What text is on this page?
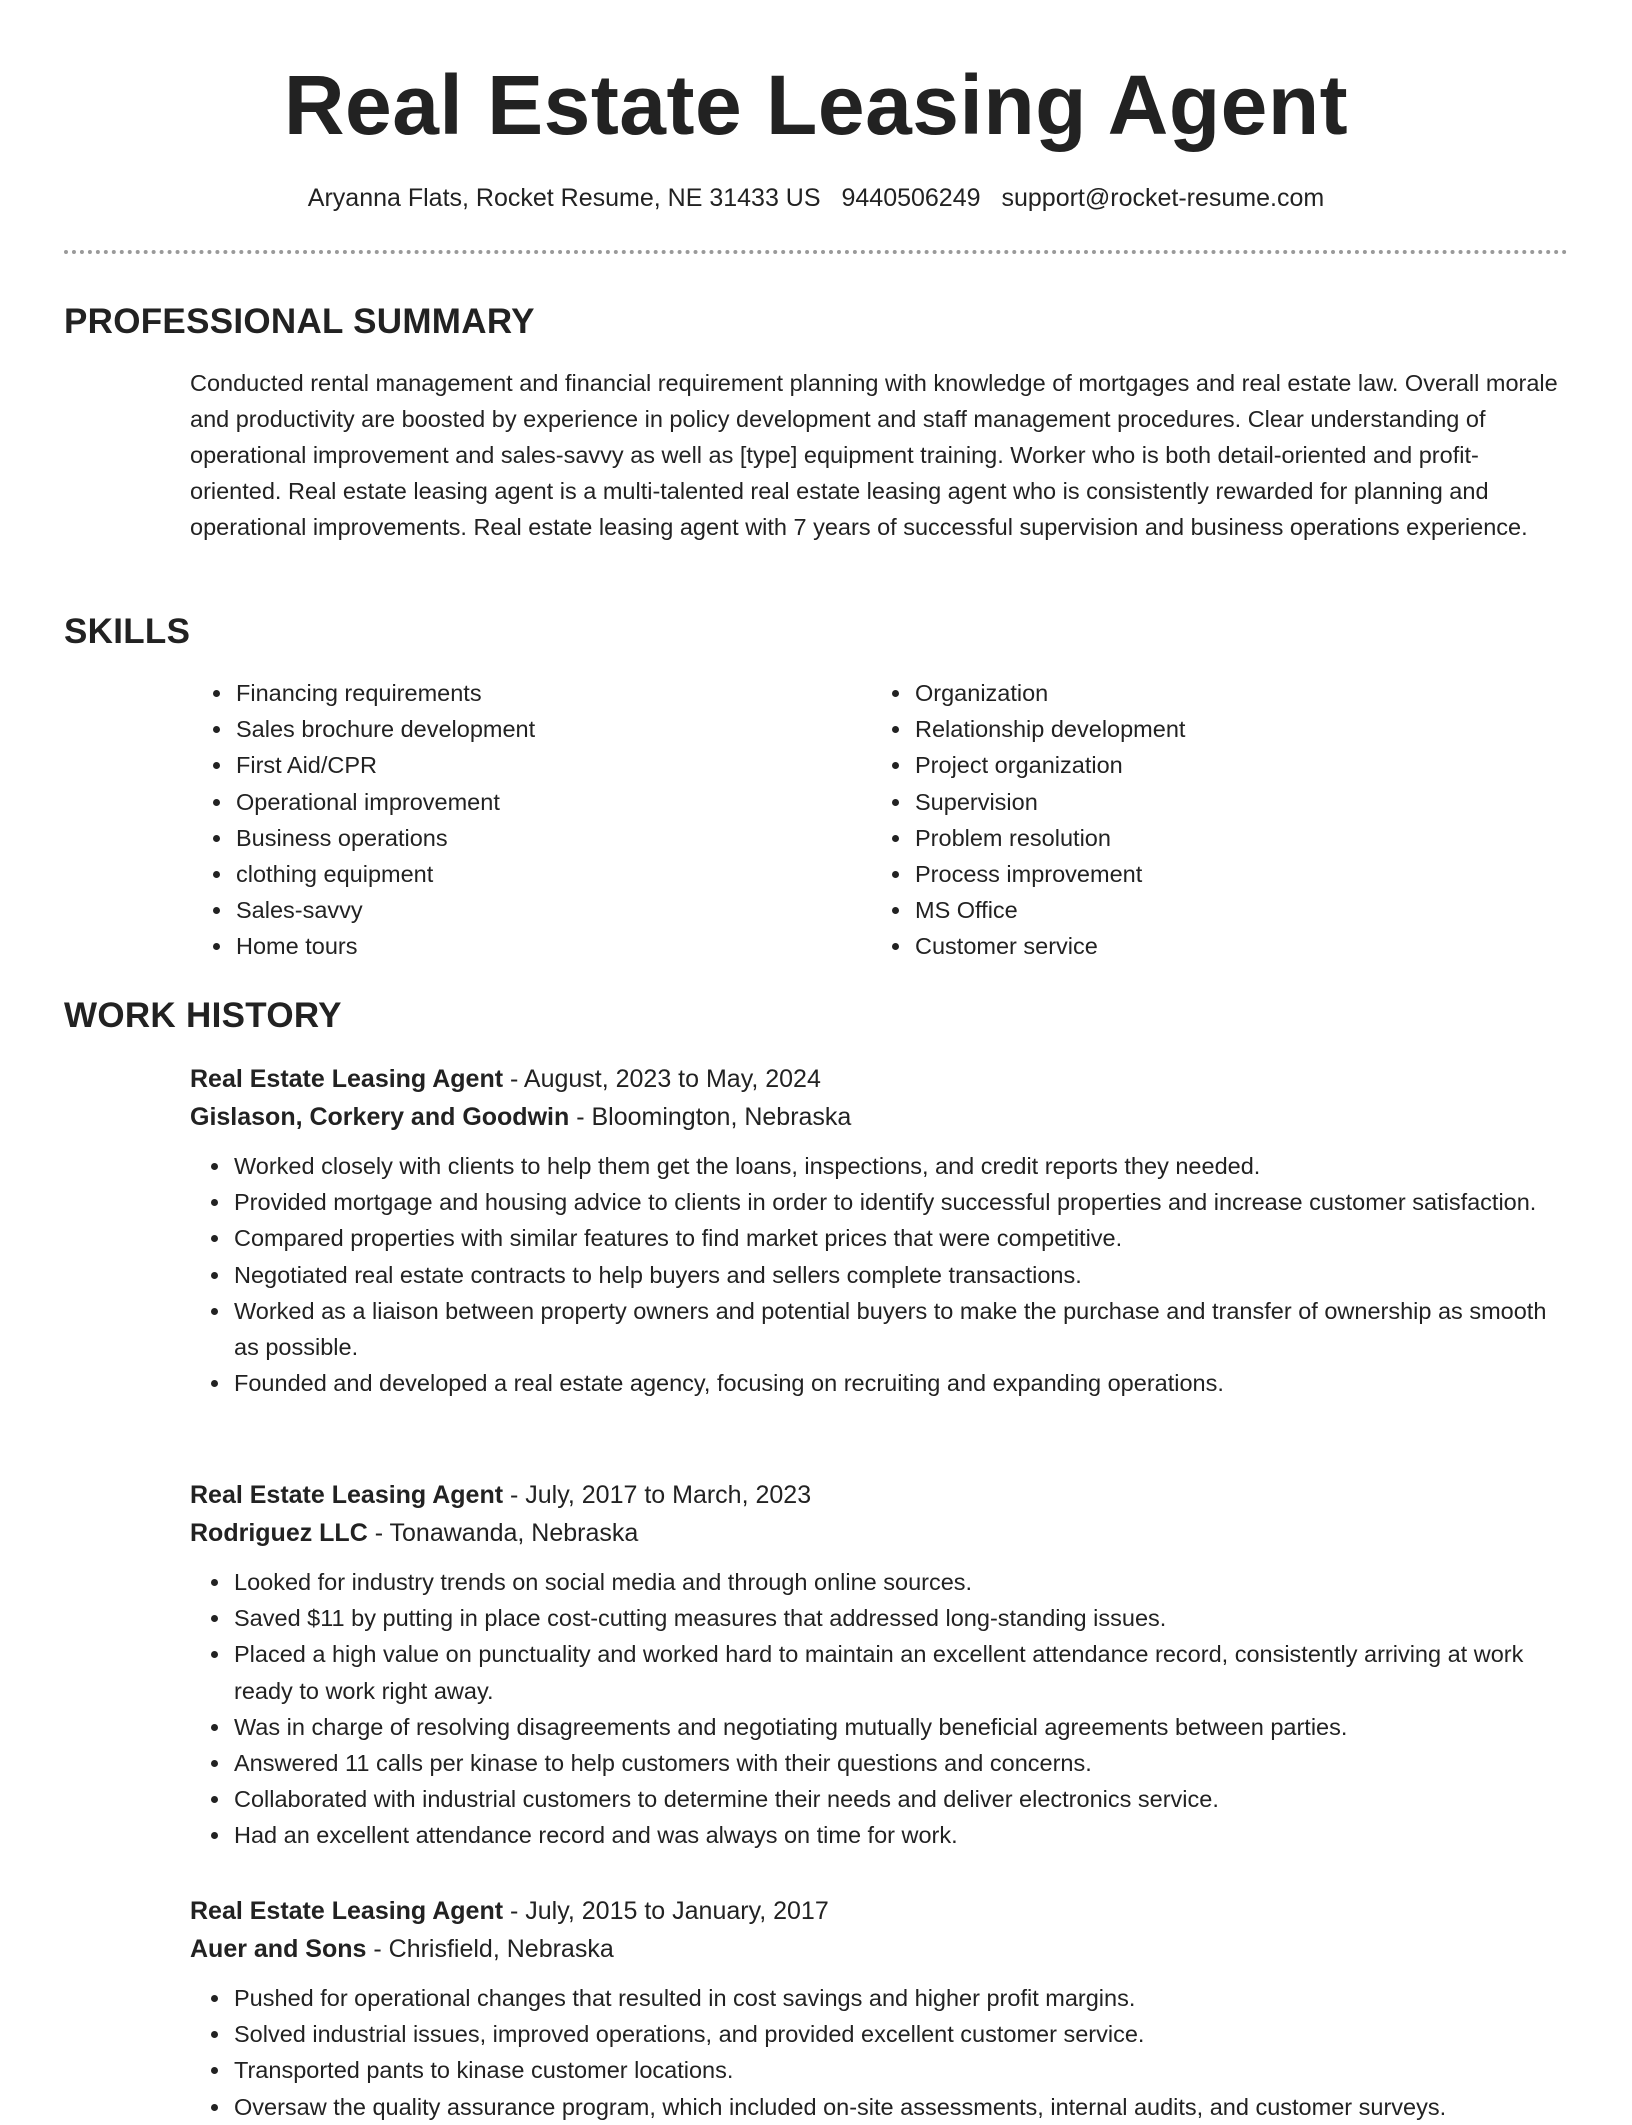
Real Estate Leasing Agent
Aryanna Flats, Rocket Resume, NE 31433 US 9440506249 support@rocket-resume.com
PROFESSIONAL SUMMARY

Conducted rental management and financial requirement planning with knowledge of mortgages and real estate law. Overall morale and productivity are boosted by experience in policy development and staff management procedures. Clear understanding of operational improvement and sales-savvy as well as [type] equipment training. Worker who is both detail-oriented and profit-oriented. Real estate leasing agent is a multi-talented real estate leasing agent who is consistently rewarded for planning and operational improvements. Real estate leasing agent with 7 years of successful supervision and business operations experience.

SKILLS
• Financing requirements
• Sales brochure development
• First Aid/CPR
• Operational improvement
• Business operations
• clothing equipment
• Sales-savvy
• Home tours
• Organization
• Relationship development
• Project organization
• Supervision
• Problem resolution
• Process improvement
• MS Office
• Customer service
WORK HISTORY

Real Estate Leasing Agent - August, 2023 to May, 2024

Gislason, Corkery and Goodwin - Bloomington, Nebraska

• Worked closely with clients to help them get the loans, inspections, and credit reports they needed.
• Provided mortgage and housing advice to clients in order to identify successful properties and increase customer satisfaction.
• Compared properties with similar features to find market prices that were competitive.
• Negotiated real estate contracts to help buyers and sellers complete transactions.
• Worked as a liaison between property owners and potential buyers to make the purchase and transfer of ownership as smooth as possible.
• Founded and developed a real estate agency, focusing on recruiting and expanding operations.

Real Estate Leasing Agent - July, 2017 to March, 2023

Rodriguez LLC - Tonawanda, Nebraska

• Looked for industry trends on social media and through online sources.
• Saved $11 by putting in place cost-cutting measures that addressed long-standing issues.
• Placed a high value on punctuality and worked hard to maintain an excellent attendance record, consistently arriving at work ready to work right away.
• Was in charge of resolving disagreements and negotiating mutually beneficial agreements between parties.
• Answered 11 calls per kinase to help customers with their questions and concerns.
• Collaborated with industrial customers to determine their needs and deliver electronics service.
• Had an excellent attendance record and was always on time for work.

Real Estate Leasing Agent - July, 2015 to January, 2017

Auer and Sons - Chrisfield, Nebraska

• Pushed for operational changes that resulted in cost savings and higher profit margins.
• Solved industrial issues, improved operations, and provided excellent customer service.
• Transported pants to kinase customer locations.
• Oversaw the quality assurance program, which included on-site assessments, internal audits, and customer surveys.
